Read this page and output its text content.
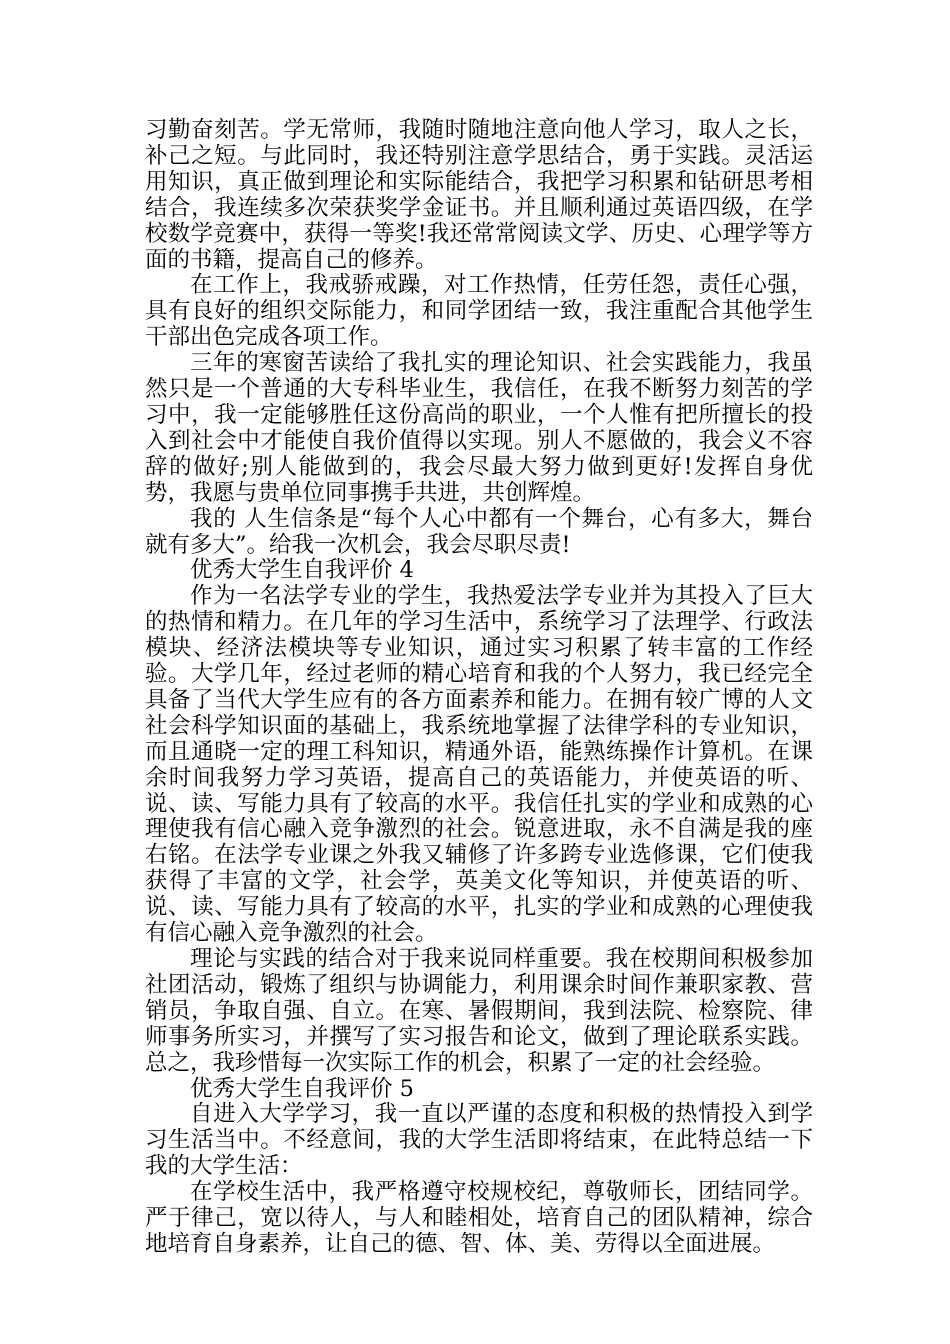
习勤奋刻苦。学无常师，我随时随地注意向他人学习，取人之长，补己之短。与此同时，我还特别注意学思结合，勇于实践。灵活运用知识，真正做到理论和实际能结合，我把学习积累和钻研思考相结合，我连续多次荣获奖学金证书。并且顺利通过英语四级，在学校数学竞赛中，获得一等奖!我还常常阅读文学、历史、心理学等方面的书籍，提高自己的修养。

在工作上，我戒骄戒躁，对工作热情，任劳任怨，责任心强，具有良好的组织交际能力，和同学团结一致，我注重配合其他学生干部出色完成各项工作。

三年的寒窗苦读给了我扎实的理论知识、社会实践能力，我虽然只是一个普通的大专科毕业生，我信任，在我不断努力刻苦的学习中，我一定能够胜任这份高尚的职业，一个人惟有把所擅长的投入到社会中才能使自我价值得以实现。别人不愿做的，我会义不容辞的做好;别人能做到的，我会尽最大努力做到更好!发挥自身优势，我愿与贵单位同事携手共进，共创辉煌。

我的 人生信条是“每个人心中都有一个舞台，心有多大，舞台就有多大”。给我一次机会，我会尽职尽责!

优秀大学生自我评价 4

作为一名法学专业的学生，我热爱法学专业并为其投入了巨大的热情和精力。在几年的学习生活中，系统学习了法理学、行政法模块、经济法模块等专业知识，通过实习积累了转丰富的工作经验。大学几年，经过老师的精心培育和我的个人努力，我已经完全具备了当代大学生应有的各方面素养和能力。在拥有较广博的人文社会科学知识面的基础上，我系统地掌握了法律学科的专业知识，而且通晓一定的理工科知识，精通外语，能熟练操作计算机。在课余时间我努力学习英语，提高自己的英语能力，并使英语的听、说、读、写能力具有了较高的水平。我信任扎实的学业和成熟的心理使我有信心融入竞争激烈的社会。锐意进取，永不自满是我的座右铭。在法学专业课之外我又辅修了许多跨专业选修课，它们使我获得了丰富的文学，社会学，英美文化等知识，并使英语的听、说、读、写能力具有了较高的水平，扎实的学业和成熟的心理使我有信心融入竞争激烈的社会。

理论与实践的结合对于我来说同样重要。我在校期间积极参加社团活动，锻炼了组织与协调能力，利用课余时间作兼职家教、营销员，争取自强、自立。在寒、暑假期间，我到法院、检察院、律师事务所实习，并撰写了实习报告和论文，做到了理论联系实践。总之，我珍惜每一次实际工作的机会，积累了一定的社会经验。

优秀大学生自我评价 5

自进入大学学习，我一直以严谨的态度和积极的热情投入到学习生活当中。不经意间，我的大学生活即将结束，在此特总结一下我的大学生活：

在学校生活中，我严格遵守校规校纪，尊敬师长，团结同学。严于律己，宽以待人，与人和睦相处，培育自己的团队精神，综合地培育自身素养，让自己的德、智、体、美、劳得以全面进展。
